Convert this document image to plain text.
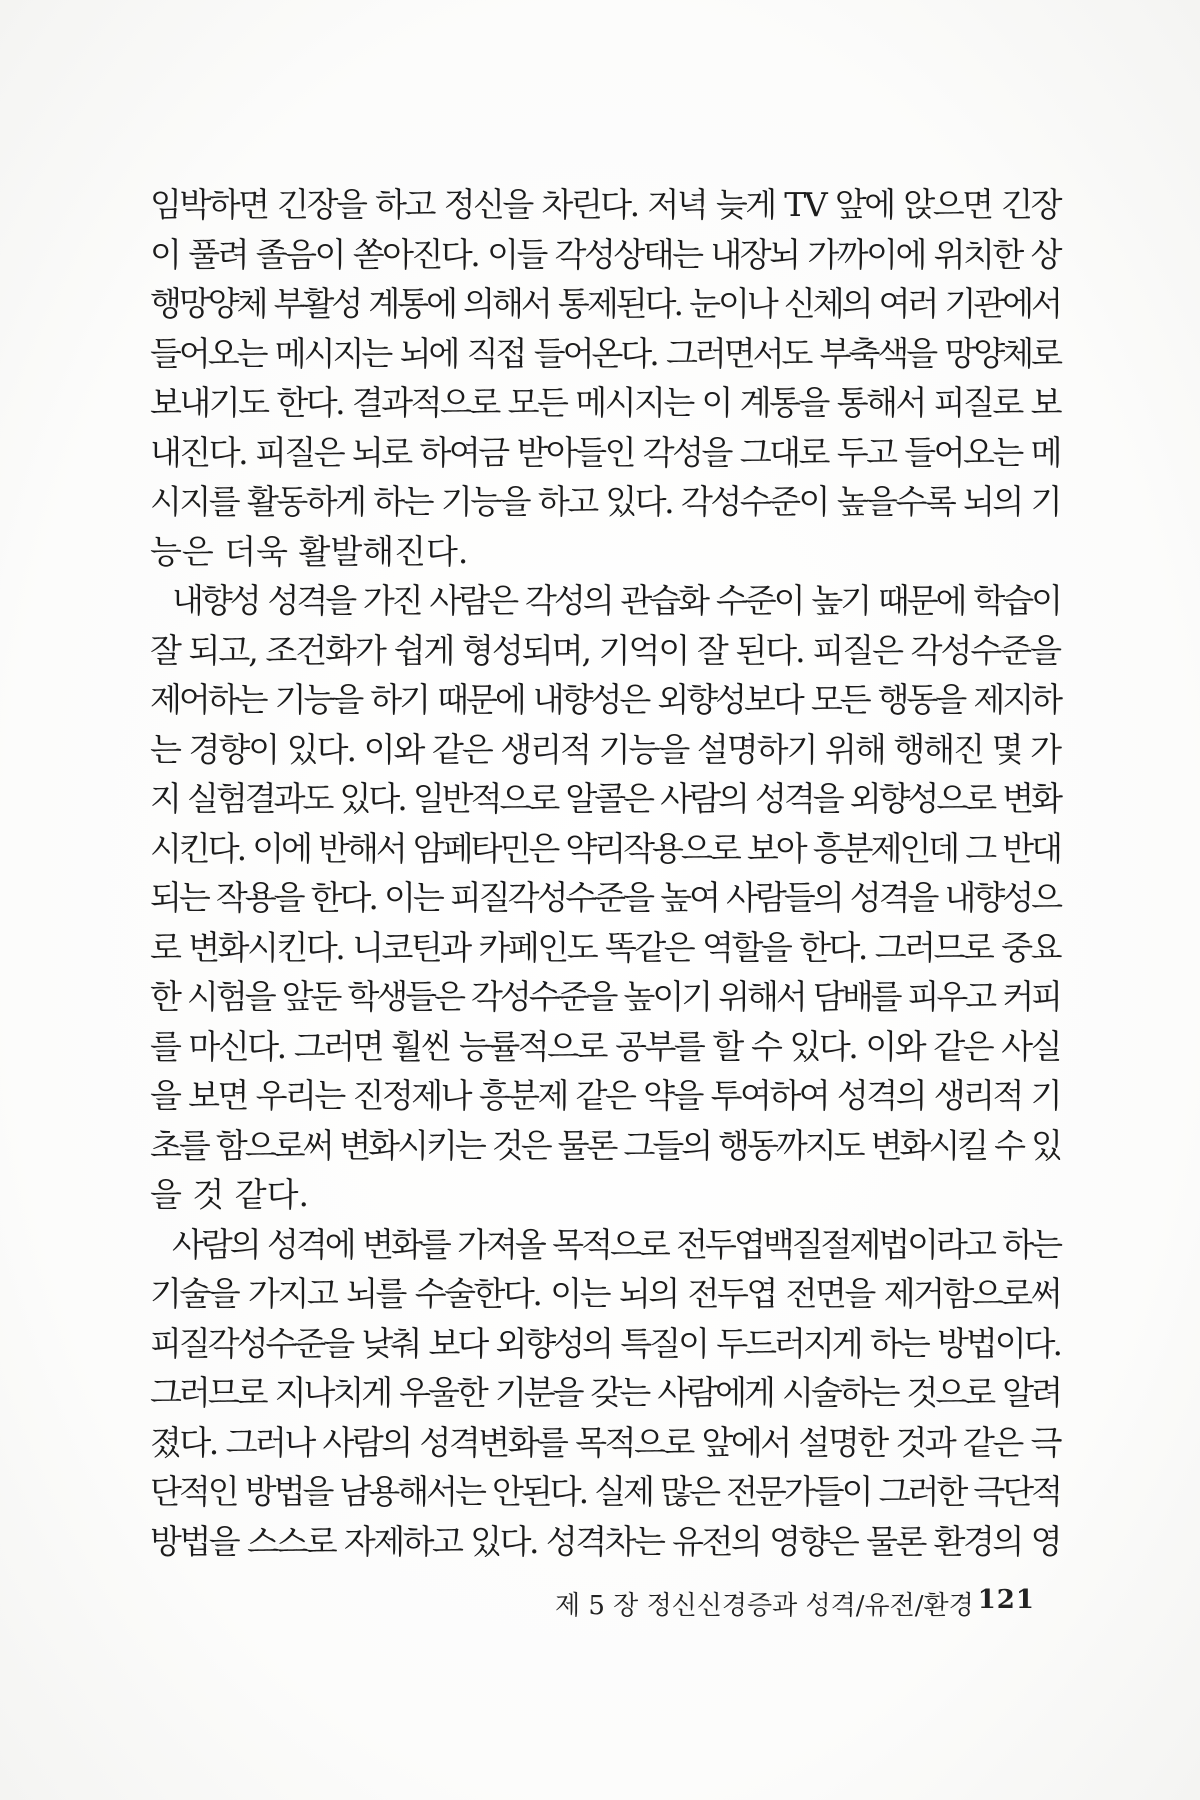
임박하면 긴장을 하고 정신을 차린다. 저녁 늦게 TV 앞에 앉으면 긴장
이 풀려 졸음이 쏟아진다. 이들 각성상태는 내장뇌 가까이에 위치한 상
행망양체 부활성 계통에 의해서 통제된다. 눈이나 신체의 여러 기관에서
들어오는 메시지는 뇌에 직접 들어온다. 그러면서도 부축색을 망양체로
보내기도 한다. 결과적으로 모든 메시지는 이 계통을 통해서 피질로 보
내진다. 피질은 뇌로 하여금 받아들인 각성을 그대로 두고 들어오는 메
시지를 활동하게 하는 기능을 하고 있다. 각성수준이 높을수록 뇌의 기
능은 더욱 활발해진다.
내향성 성격을 가진 사람은 각성의 관습화 수준이 높기 때문에 학습이
잘 되고, 조건화가 쉽게 형성되며, 기억이 잘 된다. 피질은 각성수준을
제어하는 기능을 하기 때문에 내향성은 외향성보다 모든 행동을 제지하
는 경향이 있다. 이와 같은 생리적 기능을 설명하기 위해 행해진 몇 가
지 실험결과도 있다. 일반적으로 알콜은 사람의 성격을 외향성으로 변화
시킨다. 이에 반해서 암페타민은 약리작용으로 보아 흥분제인데 그 반대
되는 작용을 한다. 이는 피질각성수준을 높여 사람들의 성격을 내향성으
로 변화시킨다. 니코틴과 카페인도 똑같은 역할을 한다. 그러므로 중요
한 시험을 앞둔 학생들은 각성수준을 높이기 위해서 담배를 피우고 커피
를 마신다. 그러면 훨씬 능률적으로 공부를 할 수 있다. 이와 같은 사실
을 보면 우리는 진정제나 흥분제 같은 약을 투여하여 성격의 생리적 기
초를 함으로써 변화시키는 것은 물론 그들의 행동까지도 변화시킬 수 있
을 것 같다.
사람의 성격에 변화를 가져올 목적으로 전두엽백질절제법이라고 하는
기술을 가지고 뇌를 수술한다. 이는 뇌의 전두엽 전면을 제거함으로써
피질각성수준을 낮춰 보다 외향성의 특질이 두드러지게 하는 방법이다.
그러므로 지나치게 우울한 기분을 갖는 사람에게 시술하는 것으로 알려
졌다. 그러나 사람의 성격변화를 목적으로 앞에서 설명한 것과 같은 극
단적인 방법을 남용해서는 안된다. 실제 많은 전문가들이 그러한 극단적
방법을 스스로 자제하고 있다. 성격차는 유전의 영향은 물론 환경의 영
제 5 장 정신신경증과 성격/유전/환경 121
